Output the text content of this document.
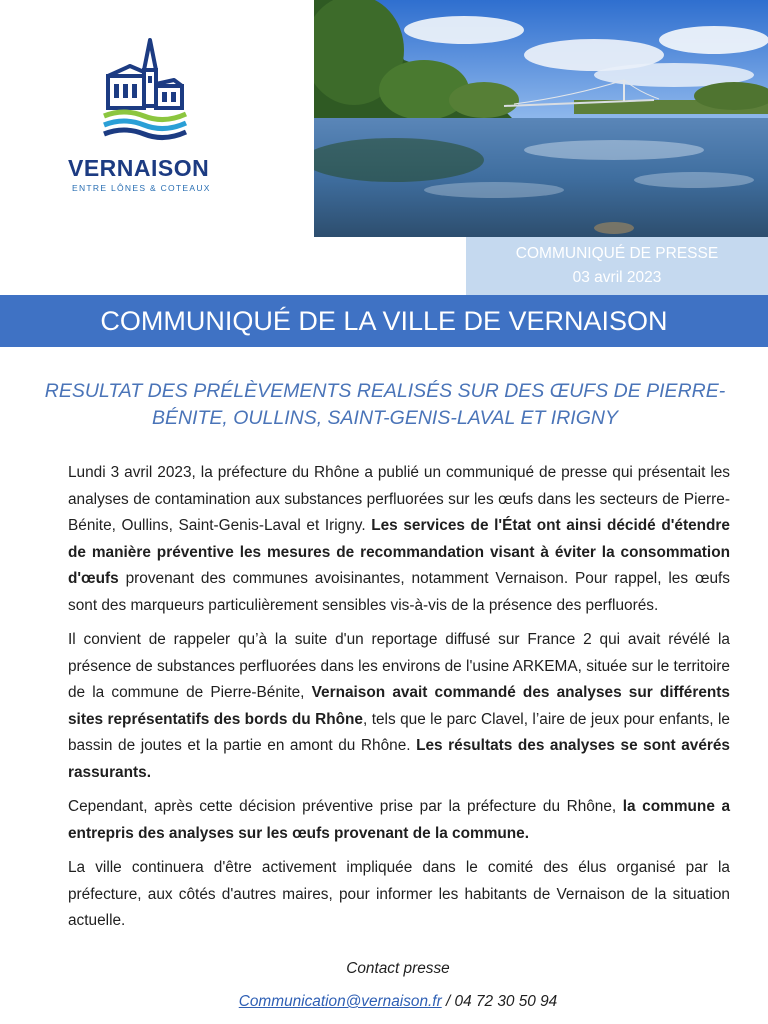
VERNAISON
ENTRE LÔNES & COTEAUX
COMMUNIQUÉ DE PRESSE
03 avril 2023
COMMUNIQUÉ DE LA VILLE DE VERNAISON
RESULTAT DES PRÉLÈVEMENTS REALISÉS SUR DES ŒUFS DE PIERRE-
BÉNITE, OULLINS, SAINT-GENIS-LAVAL ET IRIGNY

Lundi 3 avril 2023, la préfecture du Rhône a publié un communiqué de presse qui présentait les analyses de contamination aux substances perfluorées sur les œufs dans les secteurs de Pierre-Bénite, Oullins, Saint-Genis-Laval et Irigny. Les services de l'État ont ainsi décidé d'étendre de manière préventive les mesures de recommandation visant à éviter la consommation d'œufs provenant des communes avoisinantes, notamment Vernaison. Pour rappel, les œufs sont des marqueurs particulièrement sensibles vis-à-vis de la présence des perfluorés.

Il convient de rappeler qu’à la suite d'un reportage diffusé sur France 2 qui avait révélé la présence de substances perfluorées dans les environs de l'usine ARKEMA, située sur le territoire de la commune de Pierre-Bénite, Vernaison avait commandé des analyses sur différents sites représentatifs des bords du Rhône, tels que le parc Clavel, l’aire de jeux pour enfants, le bassin de joutes et la partie en amont du Rhône. Les résultats des analyses se sont avérés rassurants.

Cependant, après cette décision préventive prise par la préfecture du Rhône, la commune a entrepris des analyses sur les œufs provenant de la commune.

La ville continuera d'être activement impliquée dans le comité des élus organisé par la préfecture, aux côtés d'autres maires, pour informer les habitants de Vernaison de la situation actuelle.

Contact presse
Communication@vernaison.fr / 04 72 30 50 94
